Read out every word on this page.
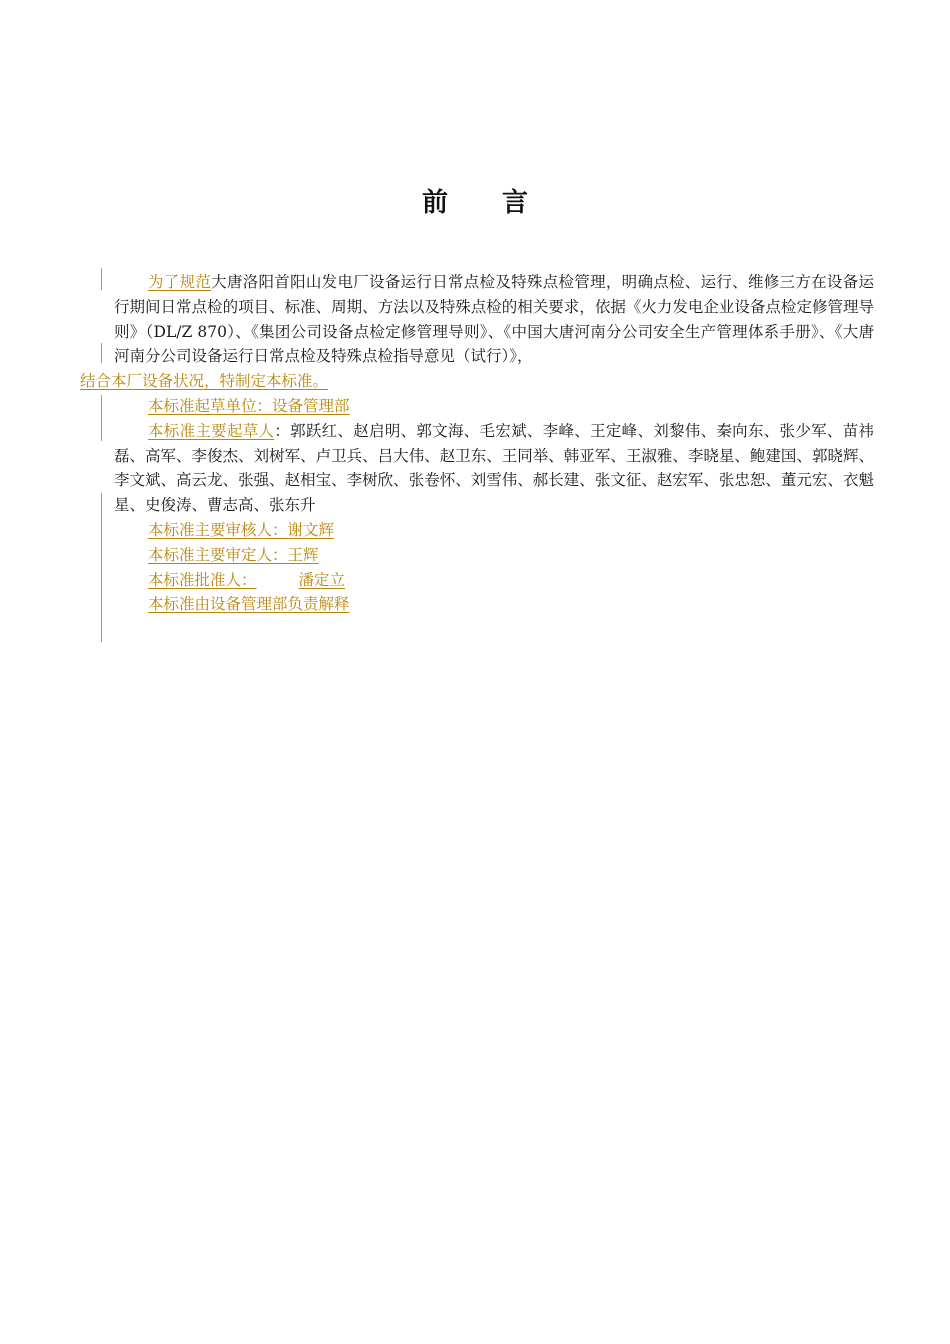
前 言

为了规范大唐洛阳首阳山发电厂设备运行日常点检及特殊点检管理，明确点检、运行、维修三方在设备运行期间日常点检的项目、标准、周期、方法以及特殊点检的相关要求，依据《火力发电企业设备点检定修管理导则》（DL/Z 870）、《集团公司设备点检定修管理导则》、《中国大唐河南分公司安全生产管理体系手册》、《大唐河南分公司设备运行日常点检及特殊点检指导意见（试行）》，
结合本厂设备状况，特制定本标准。

本标准起草单位：设备管理部

本标准主要起草人：郭跃红、赵启明、郭文海、毛宏斌、李峰、王定峰、刘黎伟、秦向东、张少军、苗祎磊、高军、李俊杰、刘树军、卢卫兵、吕大伟、赵卫东、王同举、韩亚军、王淑雅、李晓星、鲍建国、郭晓辉、李文斌、高云龙、张强、赵相宝、李树欣、张卷怀、刘雪伟、郝长建、张文征、赵宏军、张忠恕、董元宏、衣魁星、史俊涛、曹志高、张东升

本标准主要审核人：谢文辉

本标准主要审定人：王辉

本标准批准人：	潘定立

本标准由设备管理部负责解释
